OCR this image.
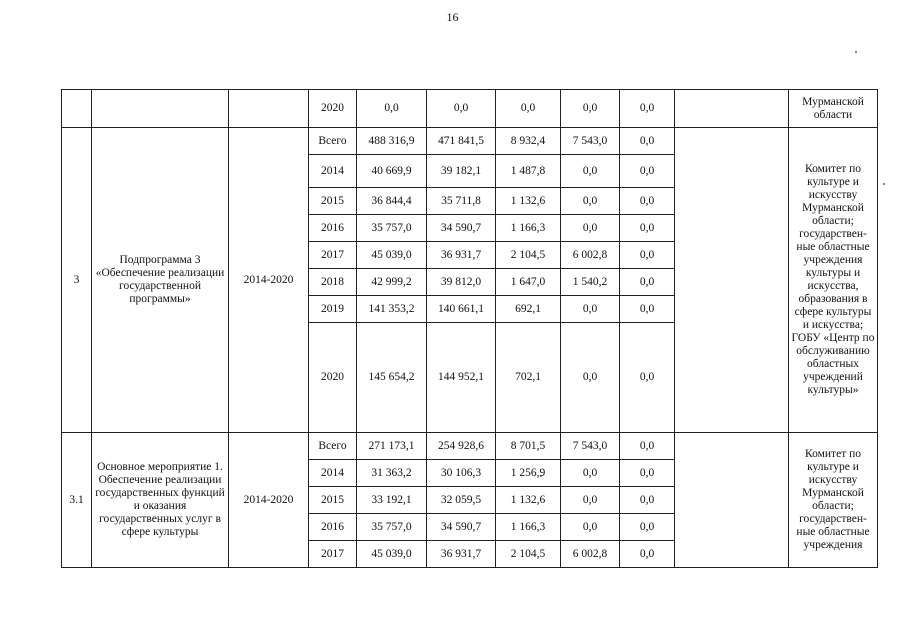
16
			2020	0,0	0,0	0,0	0,0	0,0		Мурманской области
3	Подпрограмма 3 «Обеспечение реализации государственной программы»	2014-2020	Всего	488 316,9	471 841,5	8 932,4	7 543,0	0,0		Комитет по культуре и искусству Мурманской области; государствен-ные областные учреждения культуры и искусства, образования в сфере культуры и искусства; ГОБУ «Центр по обслуживанию областных учреждений культуры»
			2014	40 669,9	39 182,1	1 487,8	0,0	0,0		
			2015	36 844,4	35 711,8	1 132,6	0,0	0,0		
			2016	35 757,0	34 590,7	1 166,3	0,0	0,0		
			2017	45 039,0	36 931,7	2 104,5	6 002,8	0,0		
			2018	42 999,2	39 812,0	1 647,0	1 540,2	0,0		
			2019	141 353,2	140 661,1	692,1	0,0	0,0		
			2020	145 654,2	144 952,1	702,1	0,0	0,0		
3.1	Основное мероприятие 1. Обеспечение реализации государственных функций и оказания государственных услуг в сфере культуры	2014-2020	Всего	271 173,1	254 928,6	8 701,5	7 543,0	0,0		Комитет по культуре и искусству Мурманской области; государствен-ные областные учреждения
			2014	31 363,2	30 106,3	1 256,9	0,0	0,0		
			2015	33 192,1	32 059,5	1 132,6	0,0	0,0		
			2016	35 757,0	34 590,7	1 166,3	0,0	0,0		
			2017	45 039,0	36 931,7	2 104,5	6 002,8	0,0		
